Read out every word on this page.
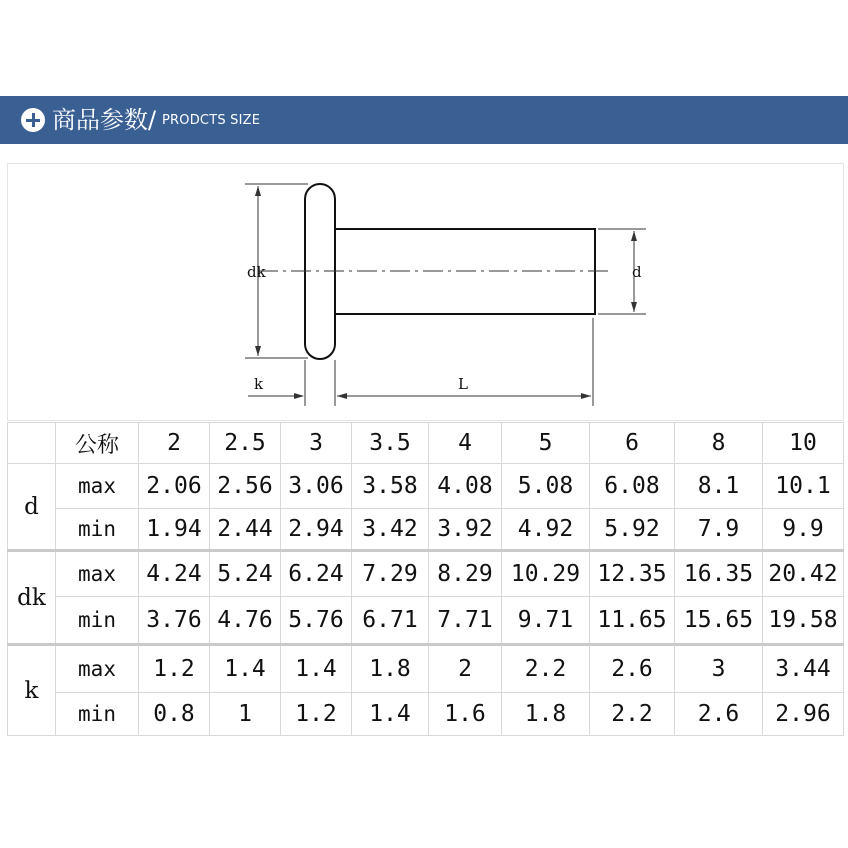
商品参数/ PRODCTS SIZE
dk	d
k	L
	公称	2	2.5	3	3.5	4	5	6	8	10
d	max	2.06	2.56	3.06	3.58	4.08	5.08	6.08	8.1	10.1
	min	1.94	2.44	2.94	3.42	3.92	4.92	5.92	7.9	9.9
dk	max	4.24	5.24	6.24	7.29	8.29	10.29	12.35	16.35	20.42
	min	3.76	4.76	5.76	6.71	7.71	9.71	11.65	15.65	19.58
k	max	1.2	1.4	1.4	1.8	2	2.2	2.6	3	3.44
	min	0.8	1	1.2	1.4	1.6	1.8	2.2	2.6	2.96
